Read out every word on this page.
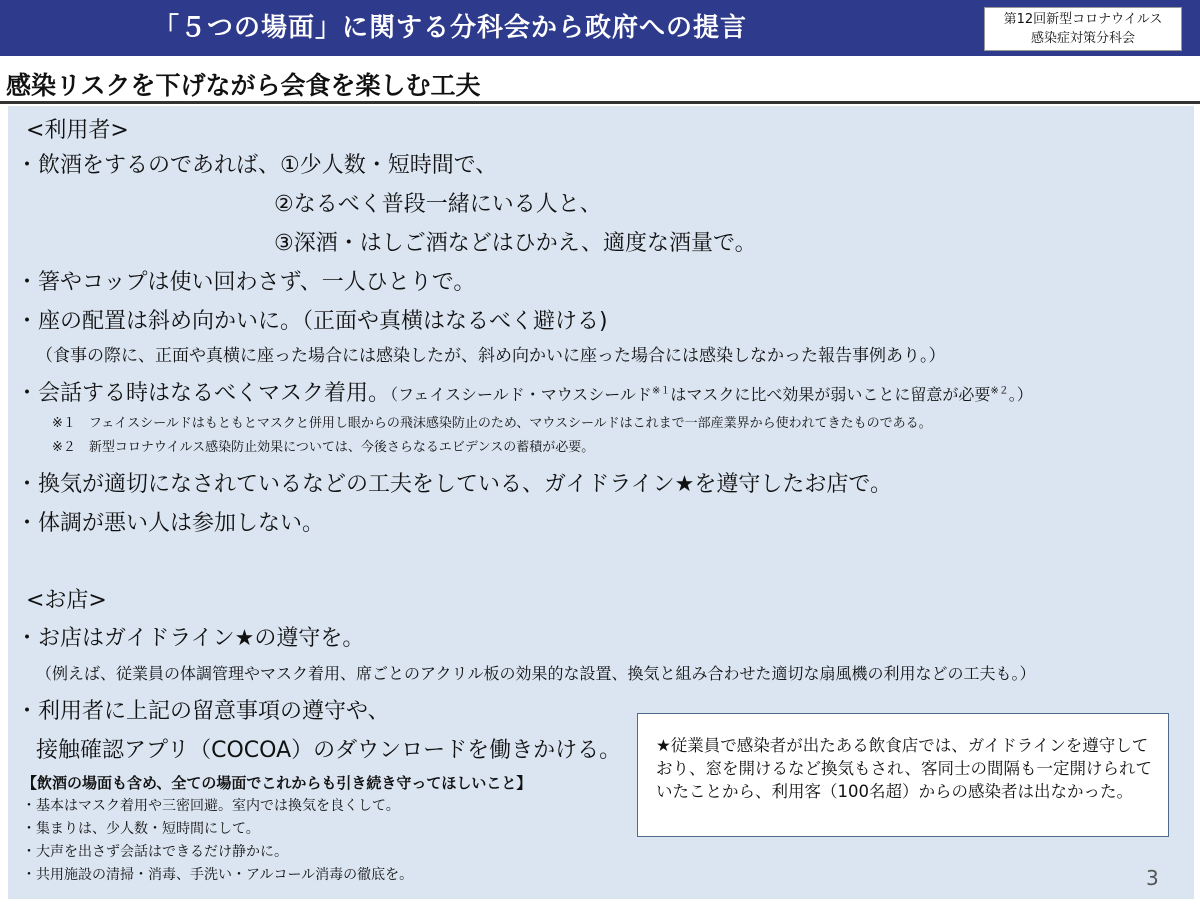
「５つの場面」に関する分科会から政府への提言	第12回新型コロナウイルス
感染症対策分科会
感染リスクを下げながら会食を楽しむ工夫
<利用者>
・飲酒をするのであれば、①少人数・短時間で、
②なるべく普段一緒にいる人と、
③深酒・はしご酒などはひかえ、適度な酒量で。
・箸やコップは使い回わさず、一人ひとりで。
・座の配置は斜め向かいに。（正面や真横はなるべく避ける)
（食事の際に、正面や真横に座った場合には感染したが、斜め向かいに座った場合には感染しなかった報告事例あり。）
・会話する時はなるべくマスク着用。（フェイスシールド・マウスシールド$^{※1}$はマスクに比べ効果が弱いことに留意が必要$^{※2}$。）
※１　フェイスシールドはもともとマスクと併用し眼からの飛沫感染防止のため、マウスシールドはこれまで一部産業界から使われてきたものである。
※２　新型コロナウイルス感染防止効果については、今後さらなるエビデンスの蓄積が必要。
・換気が適切になされているなどの工夫をしている、ガイドライン★を遵守したお店で。
・体調が悪い人は参加しない。
<お店>
・お店はガイドライン★の遵守を。
（例えば、従業員の体調管理やマスク着用、席ごとのアクリル板の効果的な設置、換気と組み合わせた適切な扇風機の利用などの工夫も。）
・利用者に上記の留意事項の遵守や、
接触確認アプリ（COCOA）のダウンロードを働きかける。
【飲酒の場面も含め、全ての場面でこれからも引き続き守ってほしいこと】
・基本はマスク着用や三密回避。室内では換気を良くして。
・集まりは、少人数・短時間にして。
・大声を出さず会話はできるだけ静かに。
・共用施設の清掃・消毒、手洗い・アルコール消毒の徹底を。
★従業員で感染者が出たある飲食店では、ガイドラインを遵守しており、窓を開けるなど換気もされ、客同士の間隔も一定開けられていたことから、利用客（100名超）からの感染者は出なかった。
3
